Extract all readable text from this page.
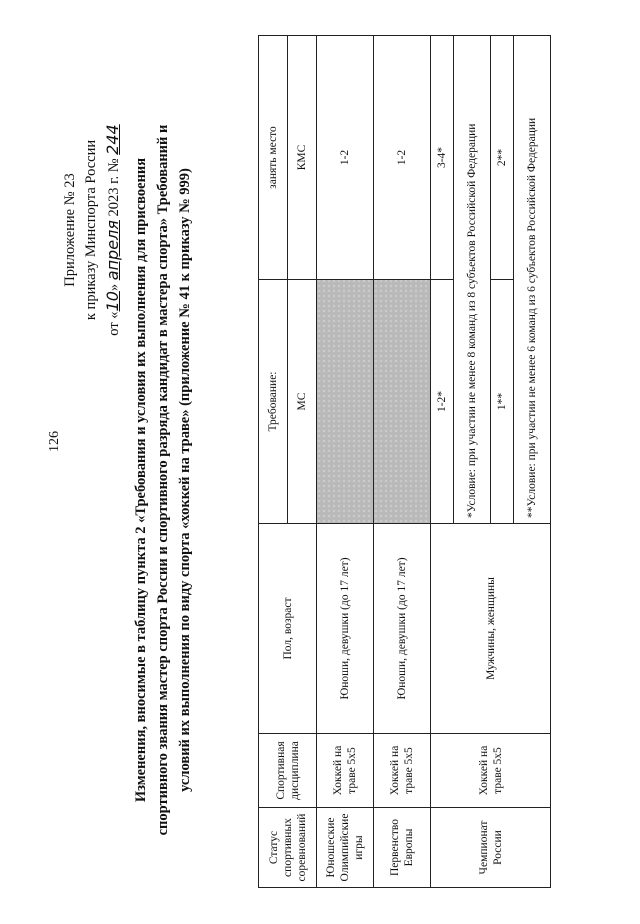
126
Приложение № 23 к приказу Минспорта России
от «10» апреля 2023 г. № 244
Изменения, вносимые в таблицу пункта 2 «Требования и условия их выполнения для присвоения спортивного звания мастер спорта России и спортивного разряда кандидат в мастера спорта» Требований и условий их выполнения по виду спорта «хоккей на траве» (приложение № 41 к приказу № 999)
Статус спортивных соревнований	Спортивная дисциплина	Пол, возраст	Требование:	занять место
			МС	КМС
Юношеские Олимпийские игры	Хоккей на траве 5x5	Юноши, девушки (до 17 лет)		1-2
Первенство Европы	Хоккей на траве 5x5	Юноши, девушки (до 17 лет)		1-2
Чемпионат России	Хоккей на траве 5x5	Мужчины, женщины	1-2*	3-4*
			*Условие: при участии не менее 8 команд из 8 субъектов Российской Федерации	
			1**	2**
			**Условие: при участии не менее 6 команд из 6 субъектов Российской Федерации	
